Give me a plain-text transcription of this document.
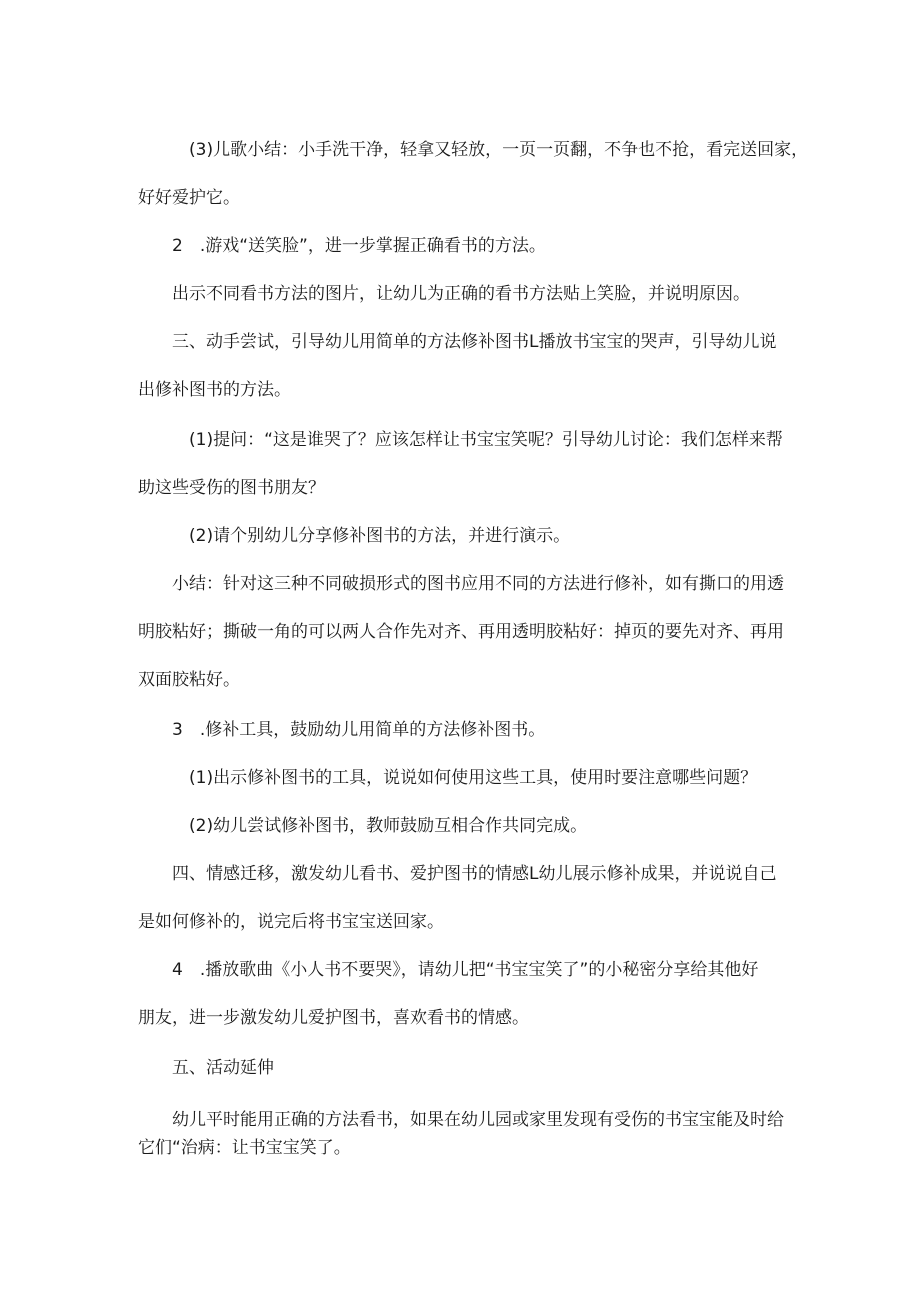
　(3)儿歌小结：小手洗干净，轻拿又轻放，一页一页翻，不争也不抢，看完送回家，
好好爱护它。

2　.游戏“送笑脸”，进一步掌握正确看书的方法。

出示不同看书方法的图片，让幼儿为正确的看书方法贴上笑脸，并说明原因。

三、动手尝试，引导幼儿用简单的方法修补图书L播放书宝宝的哭声，引导幼儿说
出修补图书的方法。

　(1)提问：“这是谁哭了？应该怎样让书宝宝笑呢？引导幼儿讨论：我们怎样来帮
助这些受伤的图书朋友？

　(2)请个别幼儿分享修补图书的方法，并进行演示。

小结：针对这三种不同破损形式的图书应用不同的方法进行修补，如有撕口的用透
明胶粘好；撕破一角的可以两人合作先对齐、再用透明胶粘好：掉页的要先对齐、再用
双面胶粘好。

3　.修补工具，鼓励幼儿用简单的方法修补图书。

　(1)出示修补图书的工具，说说如何使用这些工具，使用时要注意哪些问题？

　(2)幼儿尝试修补图书，教师鼓励互相合作共同完成。

四、情感迁移，激发幼儿看书、爱护图书的情感L幼儿展示修补成果，并说说自己
是如何修补的，说完后将书宝宝送回家。

4　.播放歌曲《小人书不要哭》，请幼儿把“书宝宝笑了”的小秘密分享给其他好
朋友，进一步激发幼儿爱护图书，喜欢看书的情感。

五、活动延伸

幼儿平时能用正确的方法看书，如果在幼儿园或家里发现有受伤的书宝宝能及时给
它们“治病：让书宝宝笑了。
